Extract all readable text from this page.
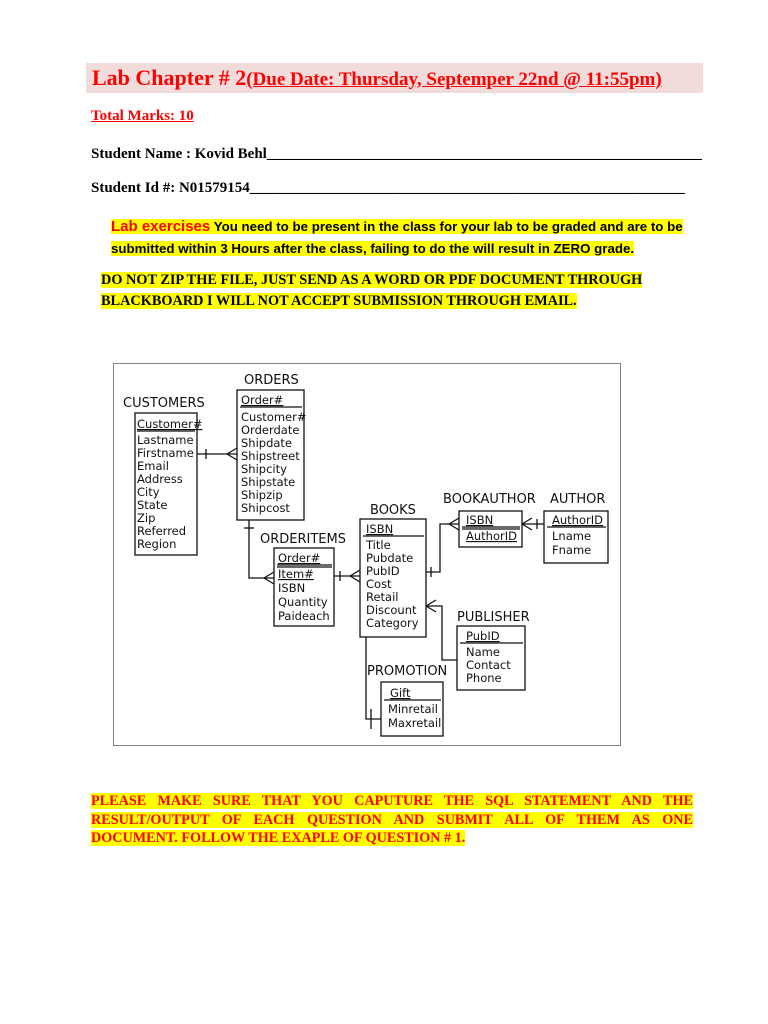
Lab Chapter # 2 (Due Date: Thursday, Septemper 22nd @ 11:55pm)
Total Marks: 10
Student Name : Kovid Behl__________________________________________________________
Student Id #: N01579154__________________________________________________________
Lab exercises You need to be present in the class for your lab to be graded and are to be submitted within 3 Hours after the class, failing to do the will result in ZERO grade.
DO NOT ZIP THE FILE, JUST SEND AS A WORD OR PDF DOCUMENT THROUGH BLACKBOARD I WILL NOT ACCEPT SUBMISSION THROUGH EMAIL.
CUSTOMERS
Customer#
Lastname
Firstname
Email
Address
City
State
Zip
Referred
Region
ORDERS
Order#
Customer#
Orderdate
Shipdate
Shipstreet
Shipcity
Shipstate
Shipzip
Shipcost
ORDERITEMS
Order#
Item#
ISBN
Quantity
Paideach
BOOKS
ISBN
Title
Pubdate
PubID
Cost
Retail
Discount
Category
BOOKAUTHOR
ISBN
AuthorID
AUTHOR
AuthorID
Lname
Fname
PUBLISHER
PubID
Name
Contact
Phone
PROMOTION
Gift
Minretail
Maxretail
PLEASE MAKE SURE THAT YOU CAPUTURE THE SQL STATEMENT AND THE RESULT/OUTPUT OF EACH QUESTION AND SUBMIT ALL OF THEM AS ONE DOCUMENT. FOLLOW THE EXAPLE OF QUESTION # 1.
